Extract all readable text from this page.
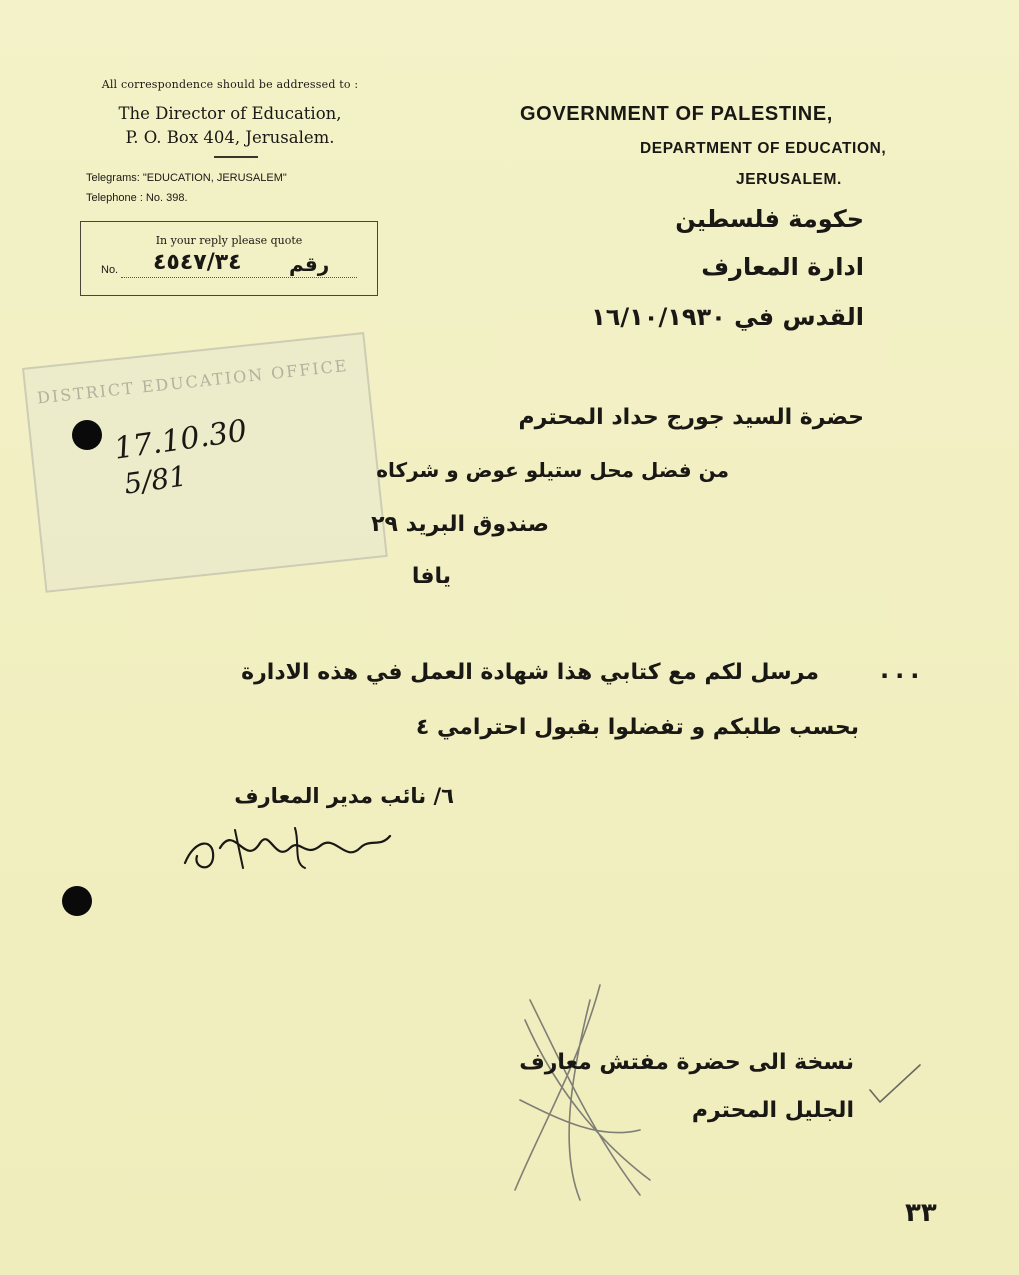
All correspondence should be addressed to :
The Director of Education,
P. O. Box 404, Jerusalem.
Telegrams: "EDUCATION, JERUSALEM"
Telephone : No. 398.
In your reply please quote
No. ٤٥٤٧/٣٤ رقم
GOVERNMENT OF PALESTINE,
DEPARTMENT OF EDUCATION,
JERUSALEM.
حكومة فلسطين
ادارة المعارف
القدس في ١٦/١٠/١٩٣٠
DISTRICT EDUCATION OFFICE
17.10.30
5/81
حضرة السيد جورج حداد المحترم
من فضل محل ستيلو عوض و شركاه
صندوق البريد ٢٩
يافا
...
مرسل لكم مع كتابي هذا شهادة العمل في هذه الادارة
بحسب طلبكم و تفضلوا بقبول احترامي ٤
٦/ نائب مدير المعارف
نسخة الى حضرة مفتش معارف
الجليل المحترم
٣٣
